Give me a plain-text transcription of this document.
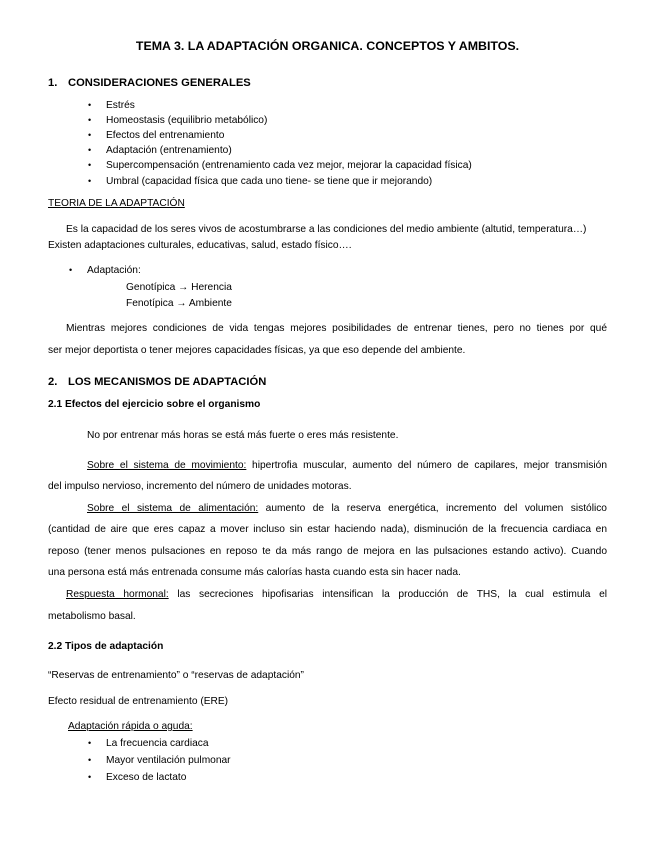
TEMA 3. LA ADAPTACIÓN ORGANICA. CONCEPTOS Y AMBITOS.
1. CONSIDERACIONES GENERALES
• Estrés
• Homeostasis (equilibrio metabólico)
• Efectos del entrenamiento
• Adaptación (entrenamiento)
• Supercompensación (entrenamiento cada vez mejor, mejorar la capacidad física)
• Umbral (capacidad física que cada uno tiene- se tiene que ir mejorando)
TEORIA DE LA ADAPTACIÓN
Es la capacidad de los seres vivos de acostumbrarse a las condiciones del medio ambiente (altutid, temperatura…)
Existen adaptaciones culturales, educativas, salud, estado físico….
• Adaptación:
Genotípica → Herencia
Fenotípica → Ambiente
Mientras mejores condiciones de vida tengas mejores posibilidades de entrenar tienes, pero no tienes por qué
ser mejor deportista o tener mejores capacidades físicas, ya que eso depende del ambiente.
2. LOS MECANISMOS DE ADAPTACIÓN
2.1 Efectos del ejercicio sobre el organismo
No por entrenar más horas se está más fuerte o eres más resistente.
Sobre el sistema de movimiento: hipertrofia muscular, aumento del número de capilares, mejor transmisión
del impulso nervioso, incremento del número de unidades motoras.
Sobre el sistema de alimentación: aumento de la reserva energética, incremento del volumen sistólico
(cantidad de aire que eres capaz a mover incluso sin estar haciendo nada), disminución de la frecuencia cardiaca en
reposo (tener menos pulsaciones en reposo te da más rango de mejora en las pulsaciones estando activo). Cuando
una persona está más entrenada consume más calorías hasta cuando esta sin hacer nada.
Respuesta hormonal: las secreciones hipofisarias intensifican la producción de THS, la cual estimula el
metabolismo basal.
2.2 Tipos de adaptación
“Reservas de entrenamiento” o “reservas de adaptación”
Efecto residual de entrenamiento (ERE)
Adaptación rápida o aguda:
• La frecuencia cardiaca
• Mayor ventilación pulmonar
• Exceso de lactato
